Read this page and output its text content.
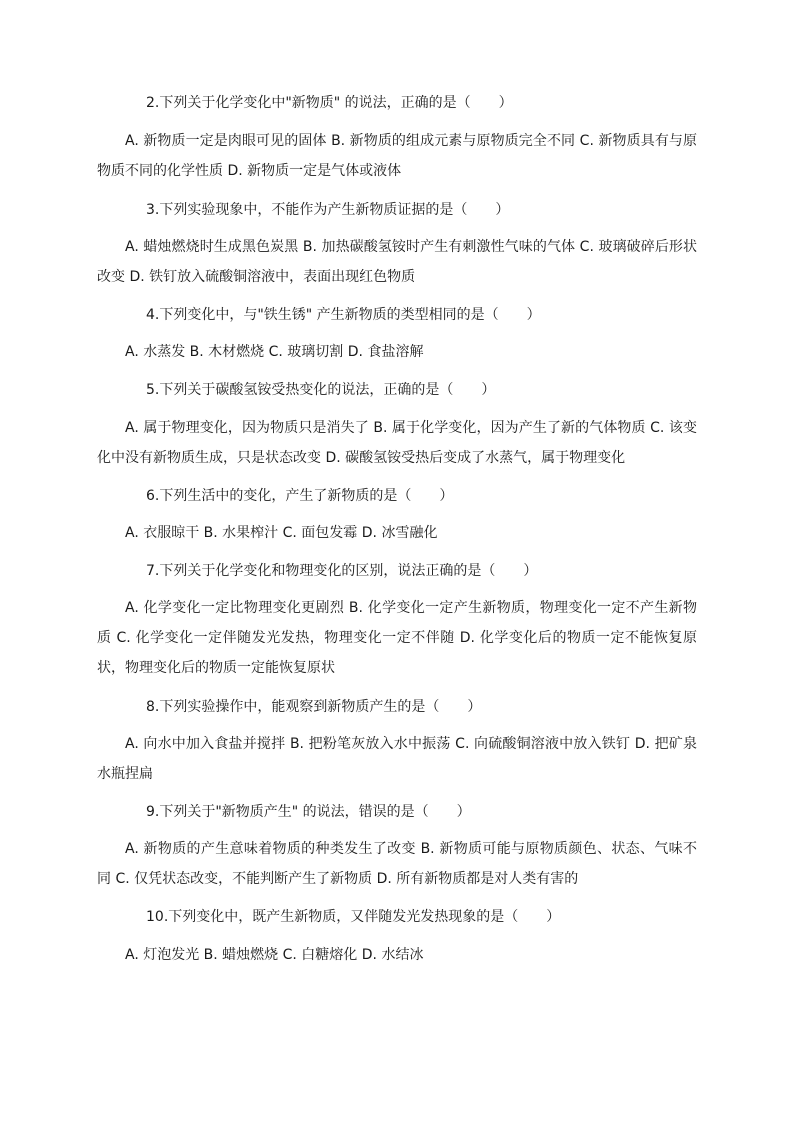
2.下列关于化学变化中"新物质" 的说法，正确的是（　　）
A. 新物质一定是肉眼可见的固体 B. 新物质的组成元素与原物质完全不同 C. 新物质具有与原物质不同的化学性质 D. 新物质一定是气体或液体
3.下列实验现象中，不能作为产生新物质证据的是（　　）
A. 蜡烛燃烧时生成黑色炭黑 B. 加热碳酸氢铵时产生有刺激性气味的气体 C. 玻璃破碎后形状改变 D. 铁钉放入硫酸铜溶液中，表面出现红色物质
4.下列变化中，与"铁生锈" 产生新物质的类型相同的是（　　）
A. 水蒸发 B. 木材燃烧 C. 玻璃切割 D. 食盐溶解
5.下列关于碳酸氢铵受热变化的说法，正确的是（　　）
A. 属于物理变化，因为物质只是消失了 B. 属于化学变化，因为产生了新的气体物质 C. 该变化中没有新物质生成，只是状态改变 D. 碳酸氢铵受热后变成了水蒸气，属于物理变化
6.下列生活中的变化，产生了新物质的是（　　）
A. 衣服晾干 B. 水果榨汁 C. 面包发霉 D. 冰雪融化
7.下列关于化学变化和物理变化的区别，说法正确的是（　　）
A. 化学变化一定比物理变化更剧烈 B. 化学变化一定产生新物质，物理变化一定不产生新物质 C. 化学变化一定伴随发光发热，物理变化一定不伴随 D. 化学变化后的物质一定不能恢复原状，物理变化后的物质一定能恢复原状
8.下列实验操作中，能观察到新物质产生的是（　　）
A. 向水中加入食盐并搅拌 B. 把粉笔灰放入水中振荡 C. 向硫酸铜溶液中放入铁钉 D. 把矿泉水瓶捏扁
9.下列关于"新物质产生" 的说法，错误的是（　　）
A. 新物质的产生意味着物质的种类发生了改变 B. 新物质可能与原物质颜色、状态、气味不同 C. 仅凭状态改变，不能判断产生了新物质 D. 所有新物质都是对人类有害的
10.下列变化中，既产生新物质，又伴随发光发热现象的是（　　）
A. 灯泡发光 B. 蜡烛燃烧 C. 白糖熔化 D. 水结冰
